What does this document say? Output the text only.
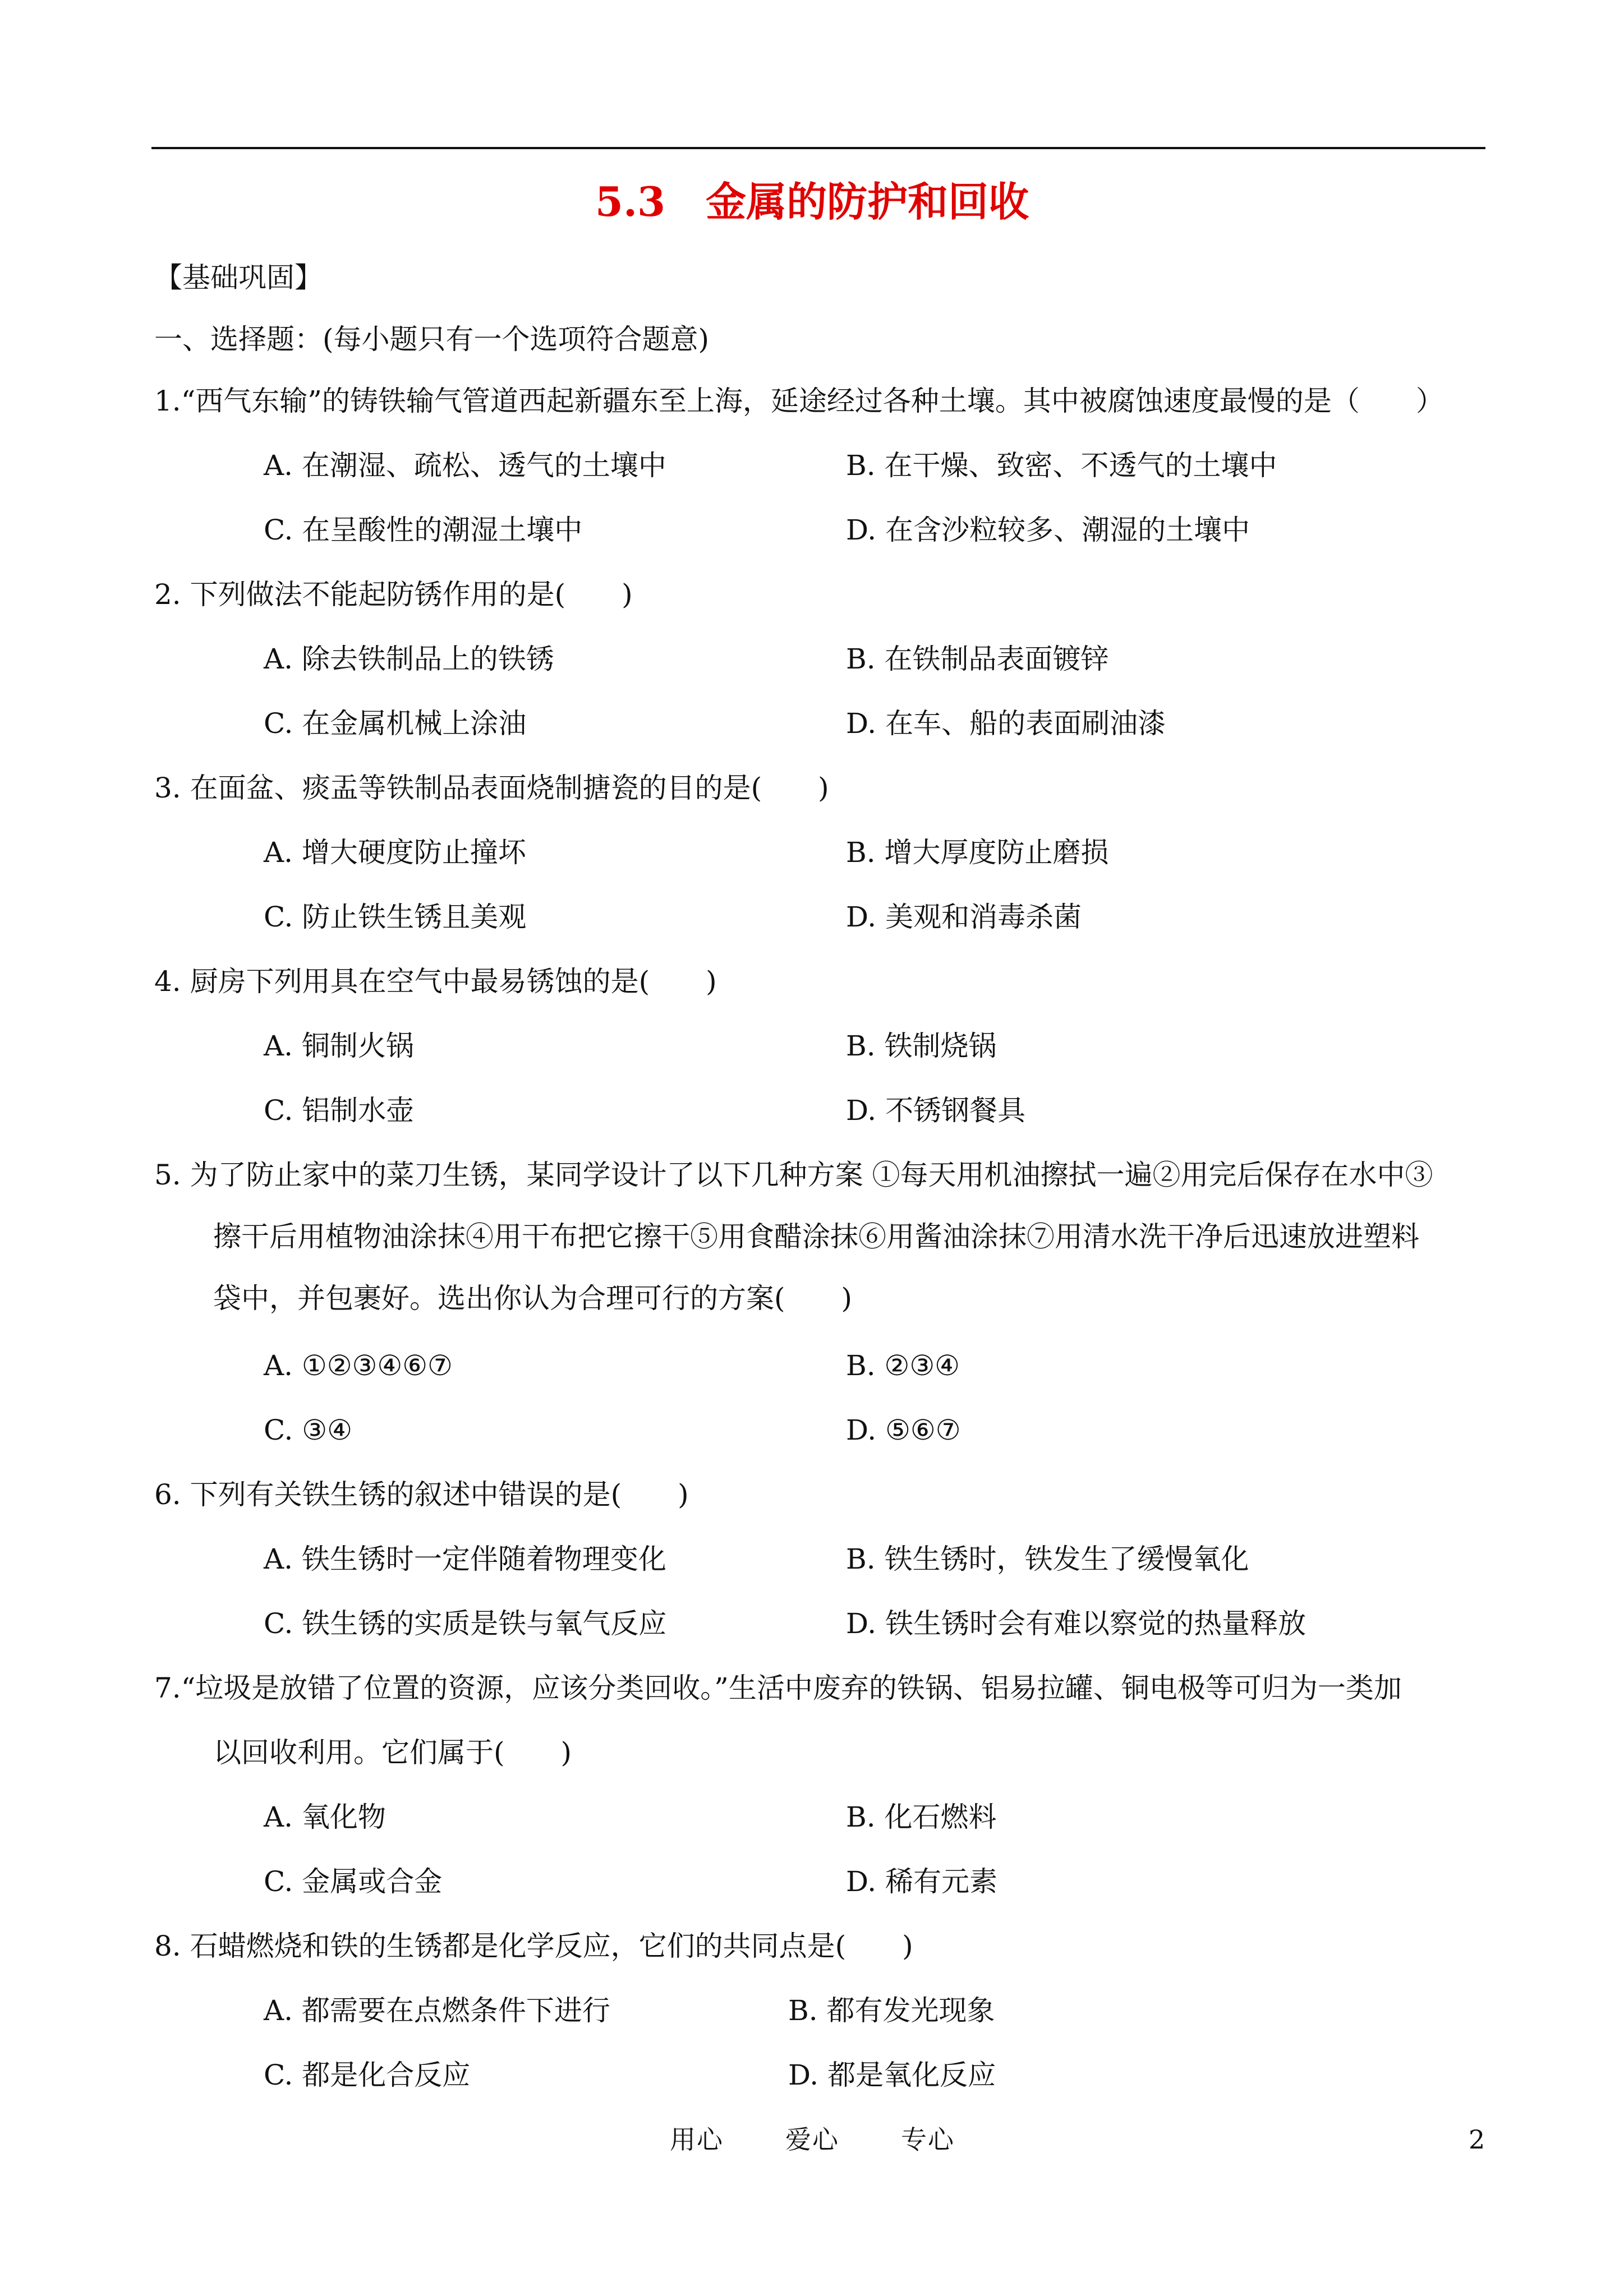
5.3　金属的防护和回收
【基础巩固】
一、选择题：(每小题只有一个选项符合题意)
1.“西气东输”的铸铁输气管道西起新疆东至上海，延途经过各种土壤。其中被腐蚀速度最慢的是（　　）
A. 在潮湿、疏松、透气的土壤中	B. 在干燥、致密、不透气的土壤中
C. 在呈酸性的潮湿土壤中	D. 在含沙粒较多、潮湿的土壤中
2. 下列做法不能起防锈作用的是(　　)
A. 除去铁制品上的铁锈	B. 在铁制品表面镀锌
C. 在金属机械上涂油	D. 在车、船的表面刷油漆
3. 在面盆、痰盂等铁制品表面烧制搪瓷的目的是(　　)
A. 增大硬度防止撞坏	B. 增大厚度防止磨损
C. 防止铁生锈且美观	D. 美观和消毒杀菌
4. 厨房下列用具在空气中最易锈蚀的是(　　)
A. 铜制火锅	B. 铁制烧锅
C. 铝制水壶	D. 不锈钢餐具
5. 为了防止家中的菜刀生锈，某同学设计了以下几种方案 ①每天用机油擦拭一遍②用完后保存在水中③
擦干后用植物油涂抹④用干布把它擦干⑤用食醋涂抹⑥用酱油涂抹⑦用清水洗干净后迅速放进塑料
袋中，并包裹好。选出你认为合理可行的方案(　　)
A. ①②③④⑥⑦	B. ②③④
C. ③④	D. ⑤⑥⑦
6. 下列有关铁生锈的叙述中错误的是(　　)
A. 铁生锈时一定伴随着物理变化	B. 铁生锈时，铁发生了缓慢氧化
C. 铁生锈的实质是铁与氧气反应	D. 铁生锈时会有难以察觉的热量释放
7.“垃圾是放错了位置的资源，应该分类回收。”生活中废弃的铁锅、铝易拉罐、铜电极等可归为一类加
以回收利用。它们属于(　　)
A. 氧化物	B. 化石燃料
C. 金属或合金	D. 稀有元素
8. 石蜡燃烧和铁的生锈都是化学反应，它们的共同点是(　　)
A. 都需要在点燃条件下进行	B. 都有发光现象
C. 都是化合反应	D. 都是氧化反应
用心 爱心 专心	2
